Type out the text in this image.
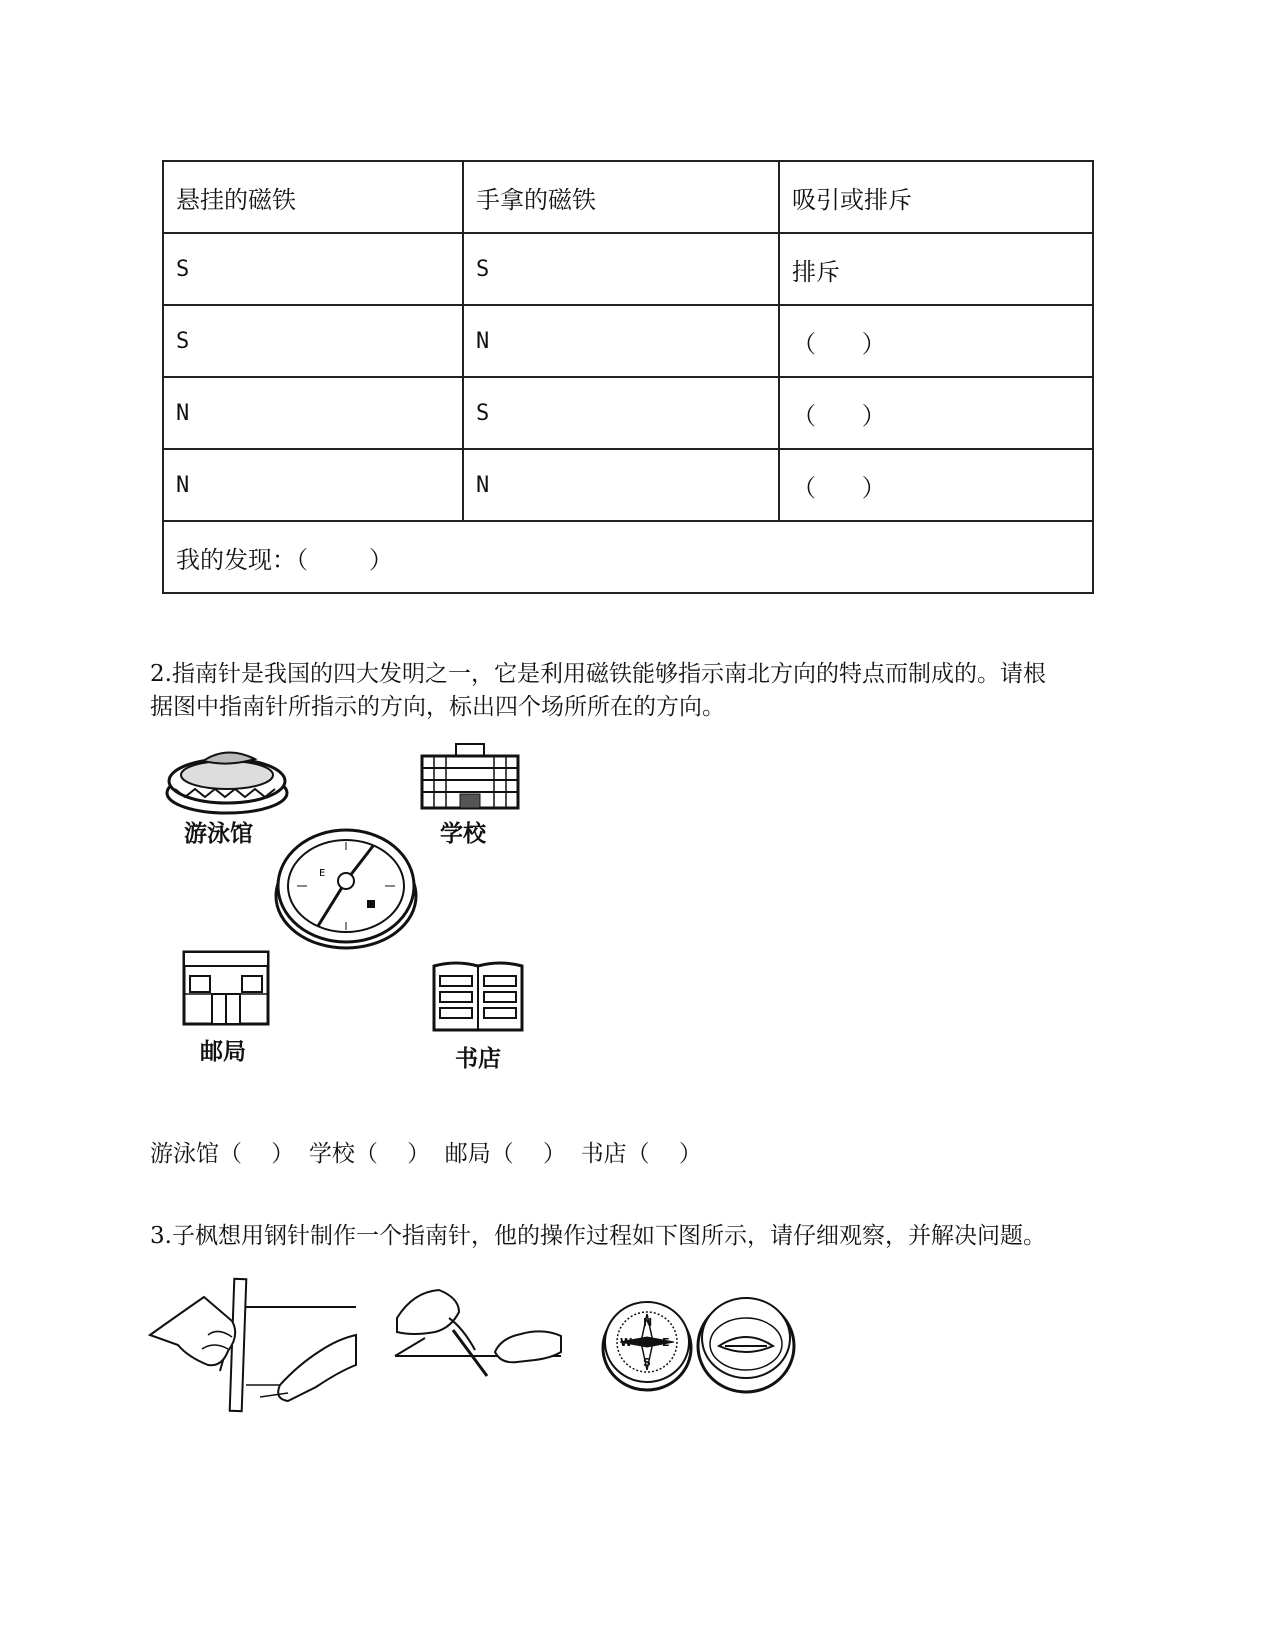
悬挂的磁铁	手拿的磁铁	吸引或排斥
S	S	排斥
S	N	（      ）
N	S	（      ）
N	N	（      ）
我的发现：（        ）		
2.指南针是我国的四大发明之一，它是利用磁铁能够指示南北方向的特点而制成的。请根
据图中指南针所指示的方向，标出四个场所所在的方向。
游泳馆	学校
E
邮局	书店
游泳馆（    ）  学校（    ）  邮局（    ）  书店（    ）
3.子枫想用钢针制作一个指南针，他的操作过程如下图所示，请仔细观察，并解决问题。
N
E
S
W
